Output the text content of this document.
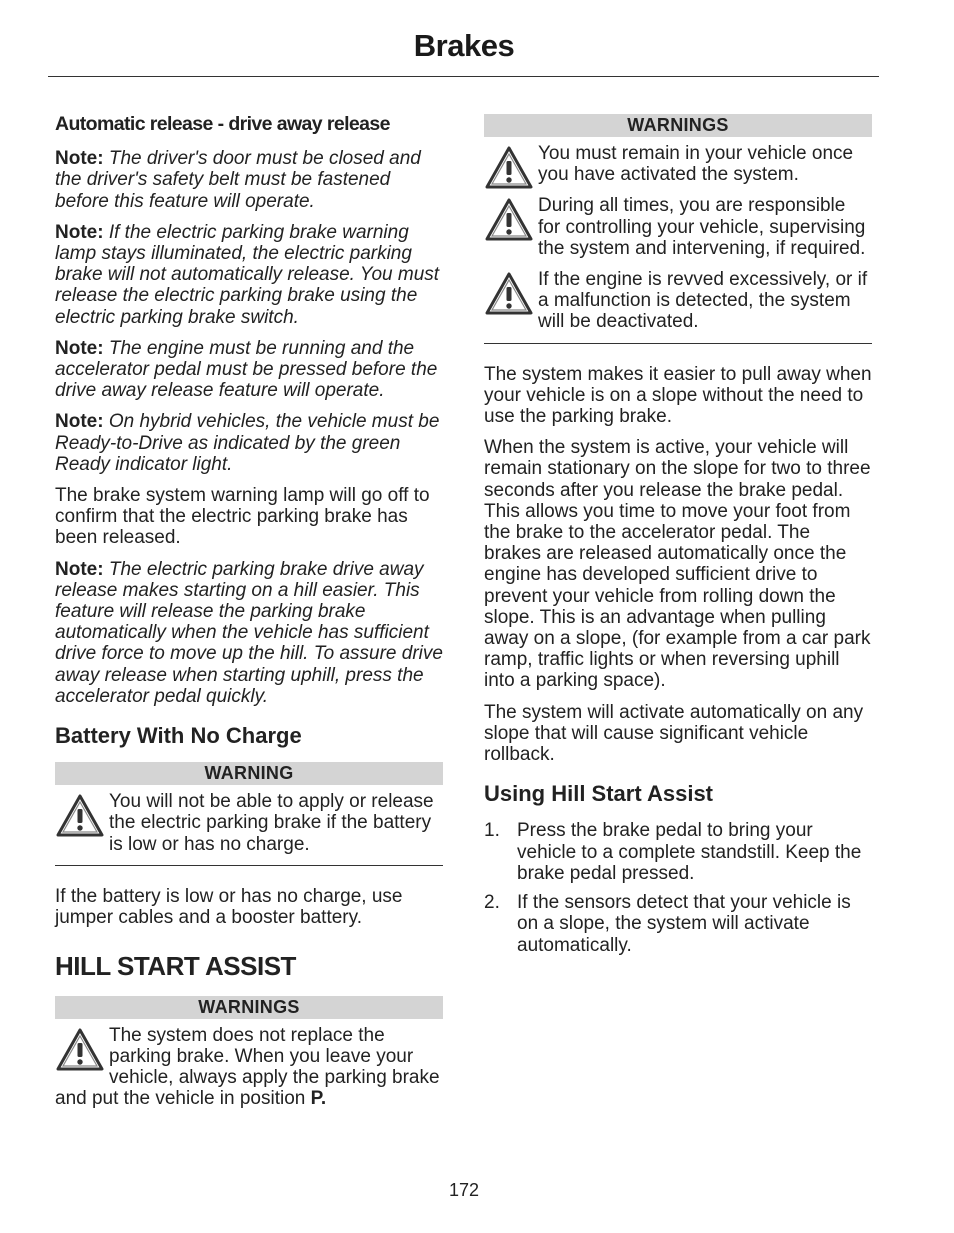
Brakes
Automatic release - drive away release

Note: The driver's door must be closed and the driver's safety belt must be fastened before this feature will operate.

Note: If the electric parking brake warning lamp stays illuminated, the electric parking brake will not automatically release. You must release the electric parking brake using the electric parking brake switch.

Note: The engine must be running and the accelerator pedal must be pressed before the drive away release feature will operate.

Note: On hybrid vehicles, the vehicle must be Ready-to-Drive as indicated by the green Ready indicator light.

The brake system warning lamp will go off to confirm that the electric parking brake has been released.

Note: The electric parking brake drive away release makes starting on a hill easier. This feature will release the parking brake automatically when the vehicle has sufficient drive force to move up the hill. To assure drive away release when starting uphill, press the accelerator pedal quickly.

Battery With No Charge
WARNING
You will not be able to apply or release the electric parking brake if the battery is low or has no charge.

If the battery is low or has no charge, use jumper cables and a booster battery.

HILL START ASSIST
WARNINGS
The system does not replace the parking brake. When you leave your vehicle, always apply the parking brake and put the vehicle in position P.
WARNINGS
You must remain in your vehicle once you have activated the system.
During all times, you are responsible for controlling your vehicle, supervising the system and intervening, if required.
If the engine is revved excessively, or if a malfunction is detected, the system will be deactivated.

The system makes it easier to pull away when your vehicle is on a slope without the need to use the parking brake.

When the system is active, your vehicle will remain stationary on the slope for two to three seconds after you release the brake pedal. This allows you time to move your foot from the brake to the accelerator pedal. The brakes are released automatically once the engine has developed sufficient drive to prevent your vehicle from rolling down the slope. This is an advantage when pulling away on a slope, (for example from a car park ramp, traffic lights or when reversing uphill into a parking space).

The system will activate automatically on any slope that will cause significant vehicle rollback.

Using Hill Start Assist
1. Press the brake pedal to bring your vehicle to a complete standstill. Keep the brake pedal pressed.
2. If the sensors detect that your vehicle is on a slope, the system will activate automatically.
172
